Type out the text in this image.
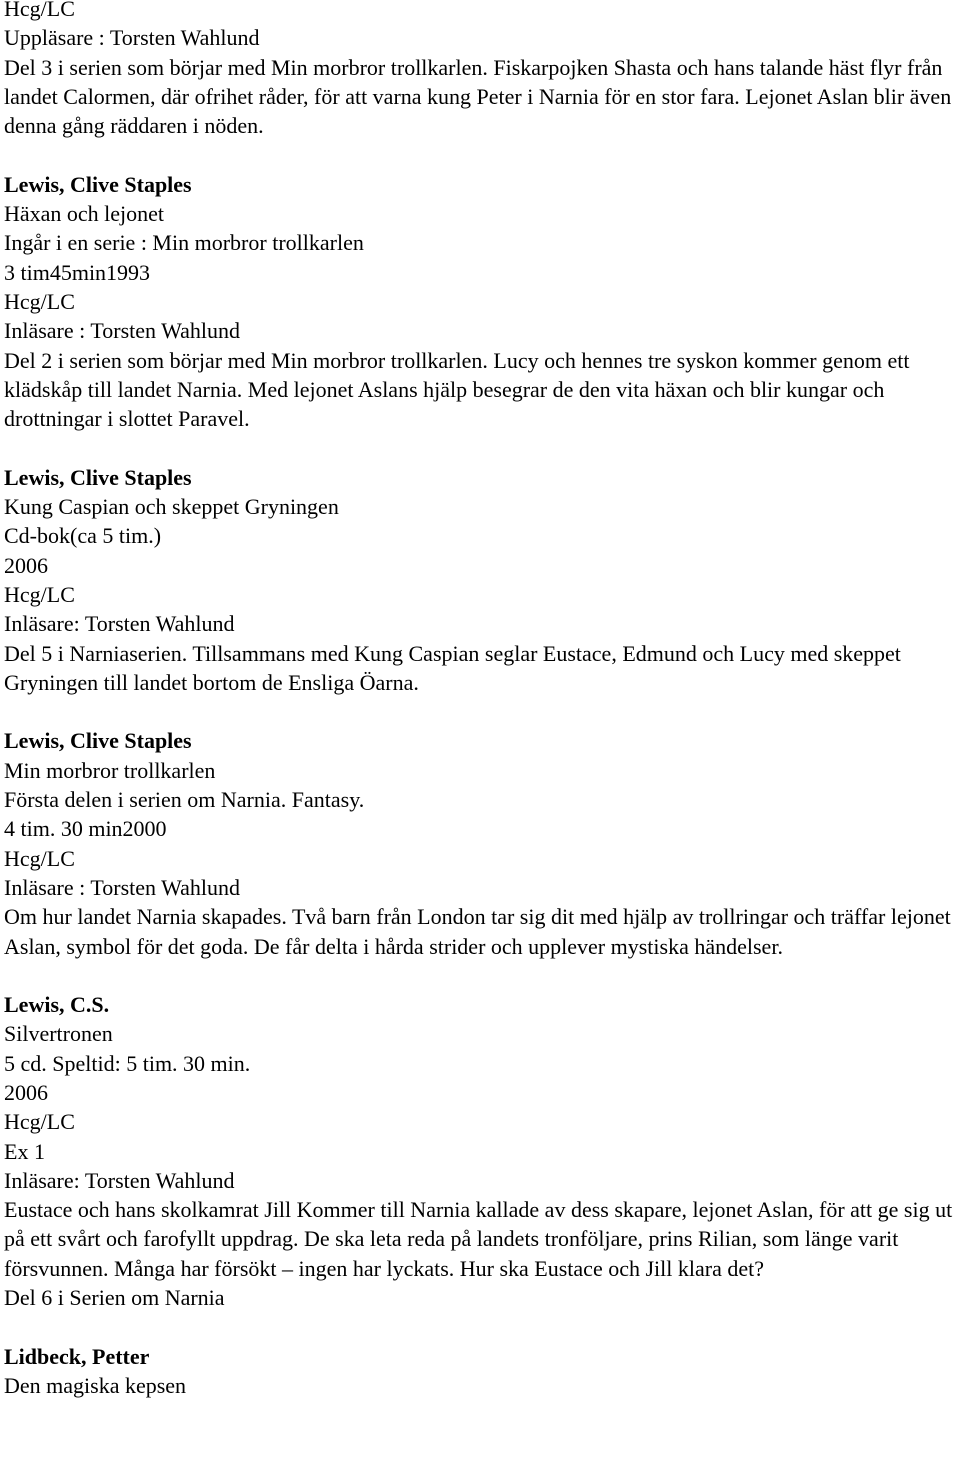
Hcg/LC
Uppläsare : Torsten Wahlund
Del 3 i serien som börjar med Min morbror trollkarlen. Fiskarpojken Shasta och hans talande häst flyr från landet Calormen, där ofrihet råder, för att varna kung Peter i Narnia för en stor fara. Lejonet Aslan blir även denna gång räddaren i nöden.
Lewis, Clive Staples
Häxan och lejonet
Ingår i en serie : Min morbror trollkarlen
3 tim45min1993
Hcg/LC
Inläsare : Torsten Wahlund
Del 2 i serien som börjar med Min morbror trollkarlen. Lucy och hennes tre syskon kommer genom ett klädskåp till landet Narnia. Med lejonet Aslans hjälp besegrar de den vita häxan och blir kungar och drottningar i slottet Paravel.
Lewis, Clive Staples
Kung Caspian och skeppet Gryningen
Cd-bok(ca 5 tim.)
2006
Hcg/LC
Inläsare: Torsten Wahlund
Del 5 i Narniaserien. Tillsammans med Kung Caspian seglar Eustace, Edmund och Lucy med skeppet Gryningen till landet bortom de Ensliga Öarna.
Lewis, Clive Staples
Min morbror trollkarlen
Första delen i serien om Narnia. Fantasy.
4 tim. 30 min2000
Hcg/LC
Inläsare : Torsten Wahlund
Om hur landet Narnia skapades. Två barn från London tar sig dit med hjälp av trollringar och träffar lejonet Aslan, symbol för det goda. De får delta i hårda strider och upplever mystiska händelser.
Lewis, C.S.
Silvertronen
5 cd. Speltid: 5 tim. 30 min.
2006
Hcg/LC
Ex 1
Inläsare: Torsten Wahlund
Eustace och hans skolkamrat Jill Kommer till Narnia kallade av dess skapare, lejonet Aslan, för att ge sig ut på ett svårt och farofyllt uppdrag. De ska leta reda på landets tronföljare, prins Rilian, som länge varit försvunnen. Många har försökt – ingen har lyckats. Hur ska Eustace och Jill klara det?
Del 6 i Serien om Narnia
Lidbeck, Petter
Den magiska kepsen
